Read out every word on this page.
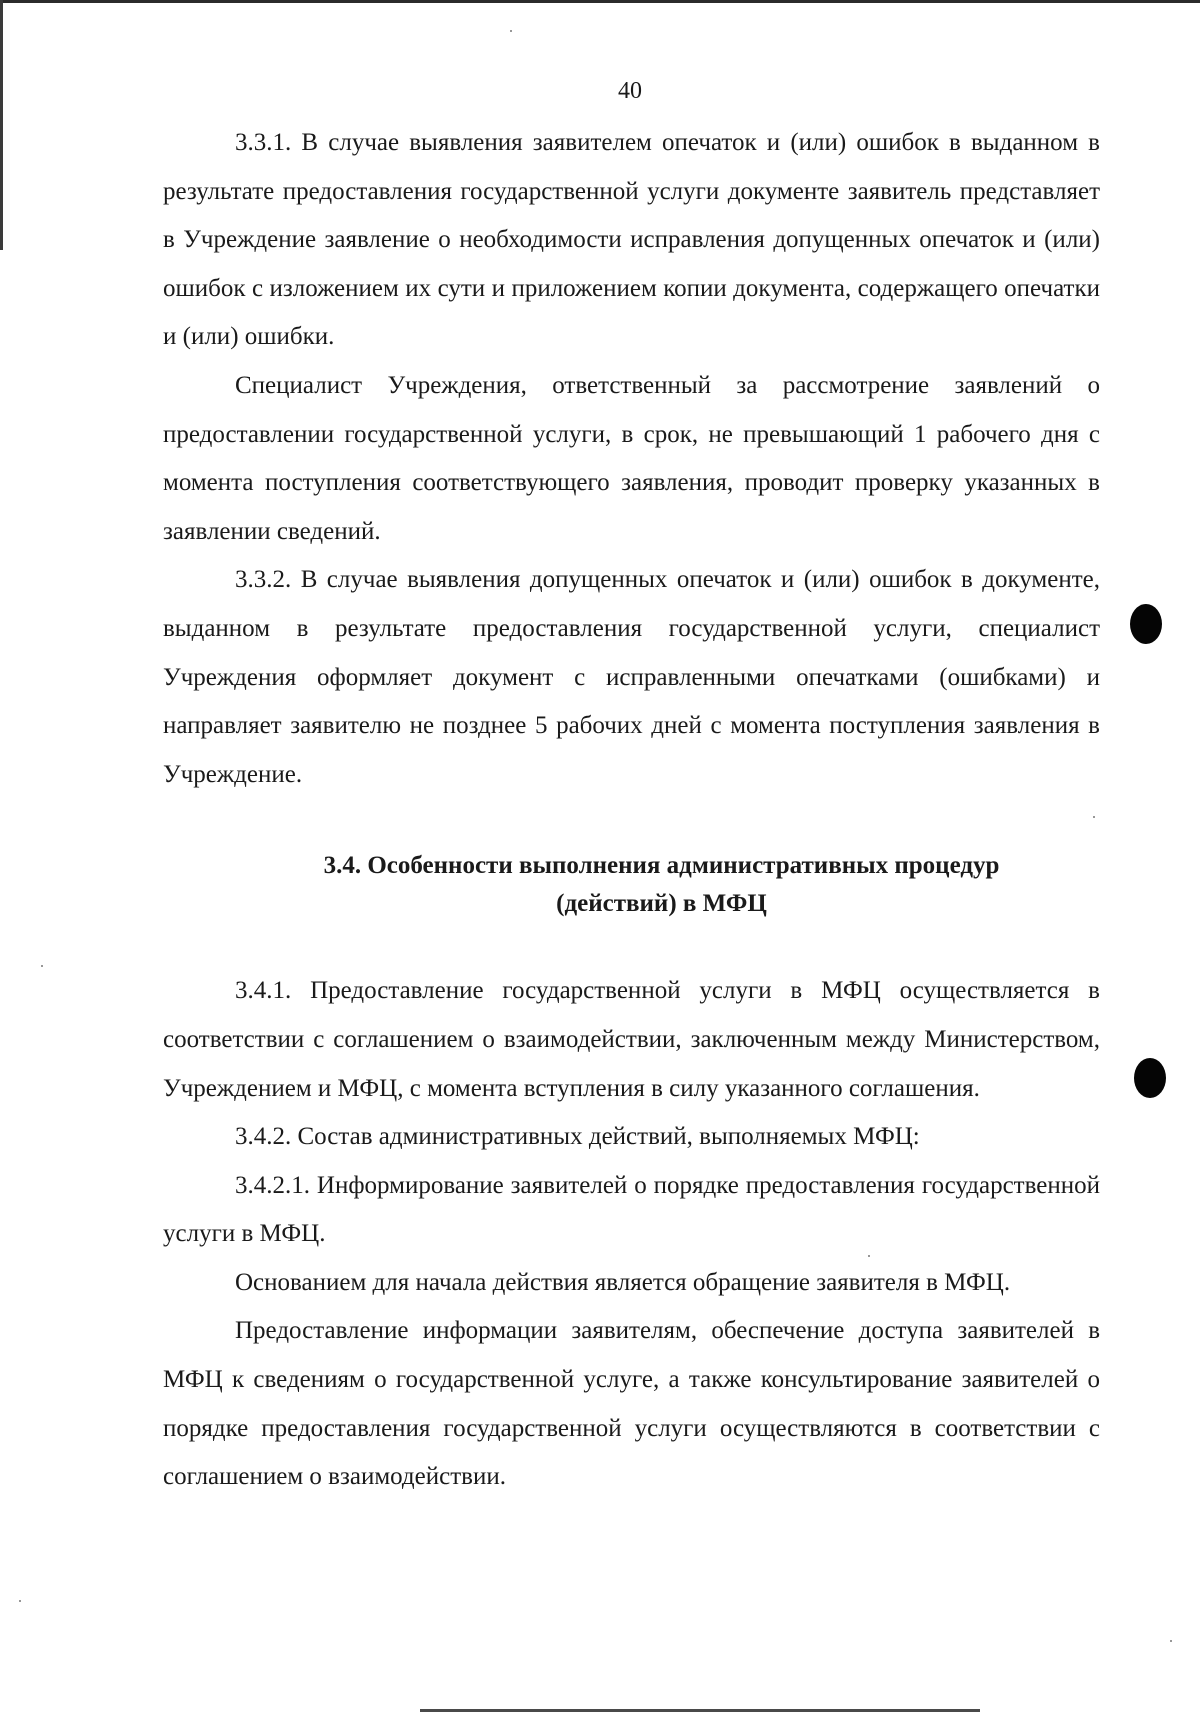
40

3.3.1. В случае выявления заявителем опечаток и (или) ошибок в выданном в результате предоставления государственной услуги документе заявитель представляет в Учреждение заявление о необходимости исправления допущенных опечаток и (или) ошибок с изложением их сути и приложением копии документа, содержащего опечатки и (или) ошибки.

Специалист Учреждения, ответственный за рассмотрение заявлений о предоставлении государственной услуги, в срок, не превышающий 1 рабочего дня с момента поступления соответствующего заявления, проводит проверку указанных в заявлении сведений.

3.3.2. В случае выявления допущенных опечаток и (или) ошибок в документе, выданном в результате предоставления государственной услуги, специалист Учреждения оформляет документ с исправленными опечатками (ошибками) и направляет заявителю не позднее 5 рабочих дней с момента поступления заявления в Учреждение.

3.4. Особенности выполнения административных процедур

(действий) в МФЦ

3.4.1. Предоставление государственной услуги в МФЦ осуществляется в соответствии с соглашением о взаимодействии, заключенным между Министерством, Учреждением и МФЦ, с момента вступления в силу указанного соглашения.

3.4.2. Состав административных действий, выполняемых МФЦ:

3.4.2.1. Информирование заявителей о порядке предоставления государственной услуги в МФЦ.

Основанием для начала действия является обращение заявителя в МФЦ.

Предоставление информации заявителям, обеспечение доступа заявителей в МФЦ к сведениям о государственной услуге, а также консультирование заявителей о порядке предоставления государственной услуги осуществляются в соответствии с соглашением о взаимодействии.
